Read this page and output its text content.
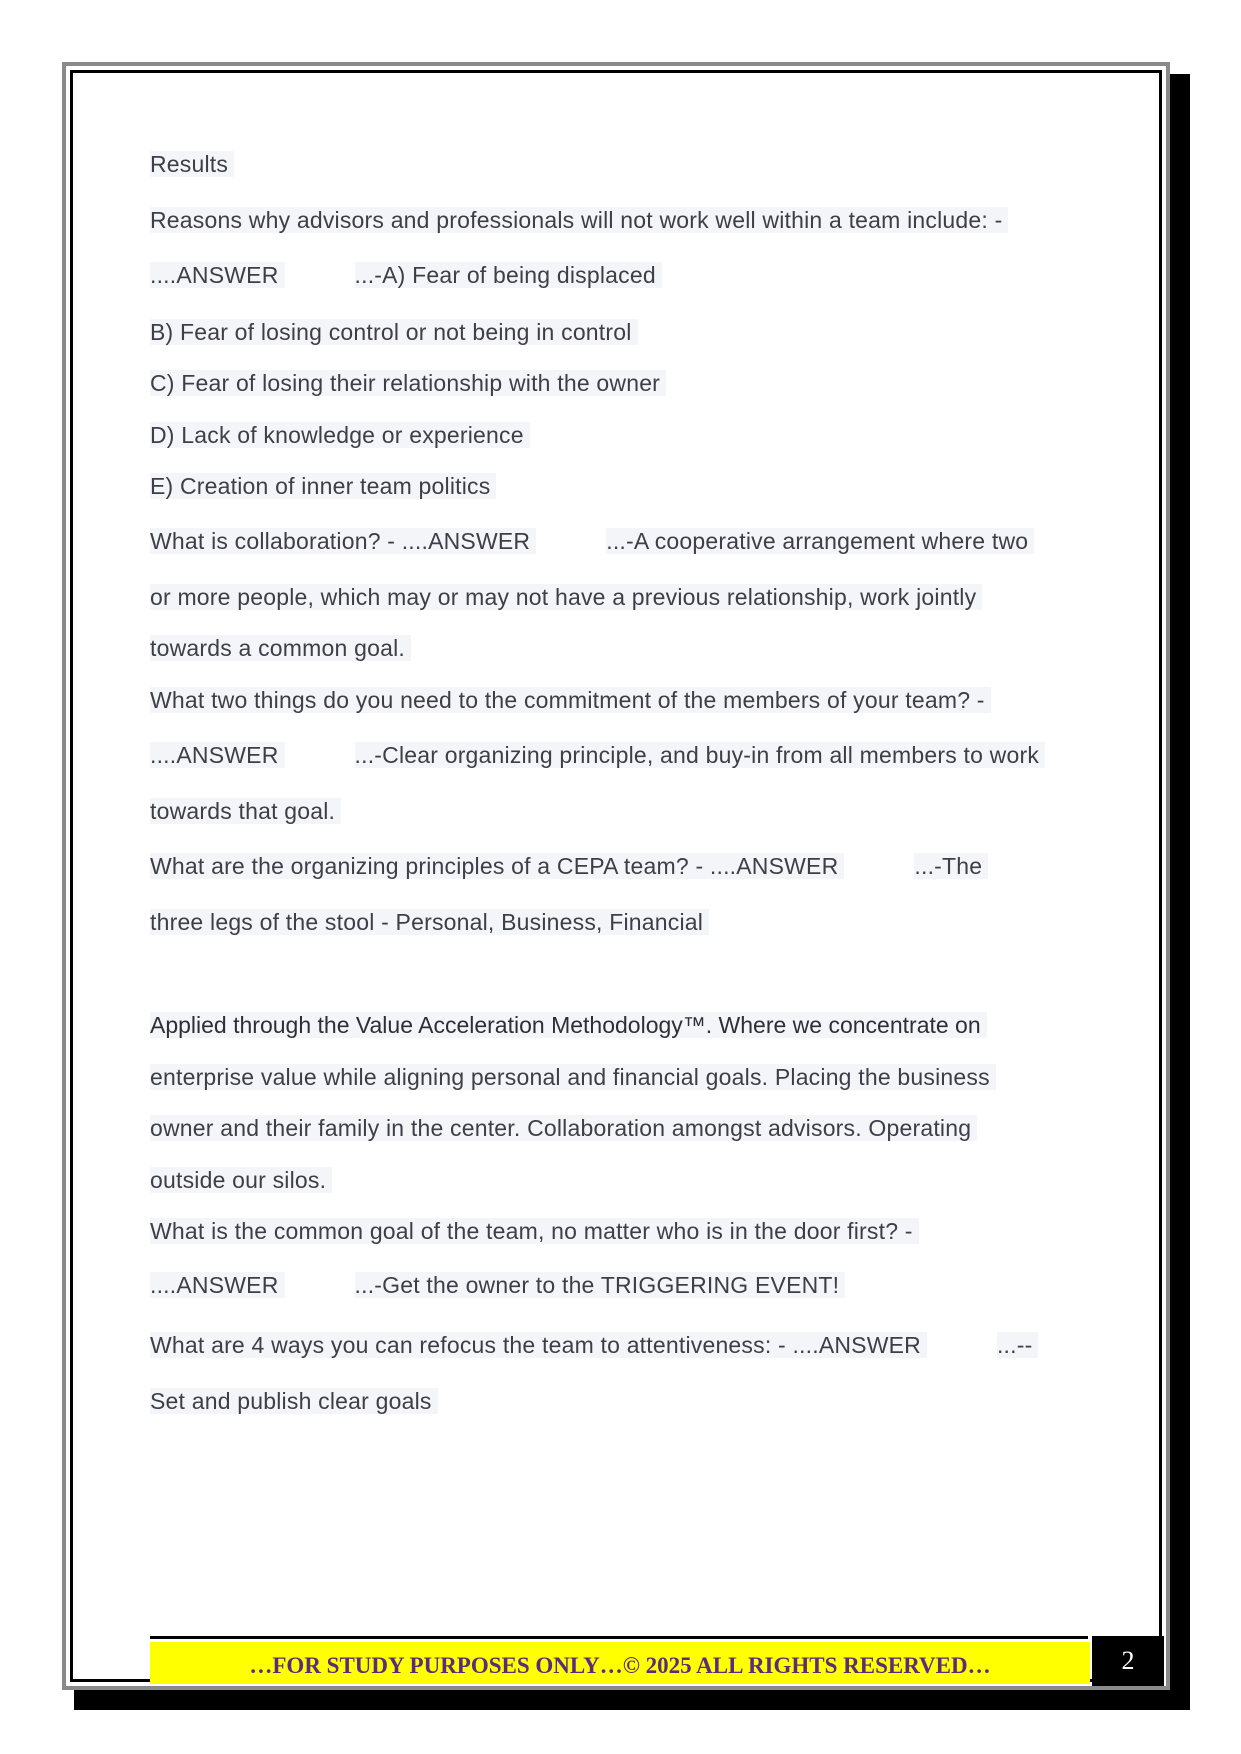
Results
Reasons why advisors and professionals will not work well within a team include: -
....ANSWER	...-A) Fear of being displaced
B) Fear of losing control or not being in control
C) Fear of losing their relationship with the owner
D) Lack of knowledge or experience
E) Creation of inner team politics
What is collaboration? - ....ANSWER	...-A cooperative arrangement where two
or more people, which may or may not have a previous relationship, work jointly
towards a common goal.
What two things do you need to the commitment of the members of your team? -
....ANSWER	...-Clear organizing principle, and buy-in from all members to work
towards that goal.
What are the organizing principles of a CEPA team? - ....ANSWER	...-The
three legs of the stool - Personal, Business, Financial
Applied through the Value Acceleration Methodology™. Where we concentrate on
enterprise value while aligning personal and financial goals. Placing the business
owner and their family in the center. Collaboration amongst advisors. Operating
outside our silos.
What is the common goal of the team, no matter who is in the door first? -
....ANSWER	...-Get the owner to the TRIGGERING EVENT!
What are 4 ways you can refocus the team to attentiveness: - ....ANSWER	...--
Set and publish clear goals
…FOR STUDY PURPOSES ONLY…© 2025 ALL RIGHTS RESERVED…	2
